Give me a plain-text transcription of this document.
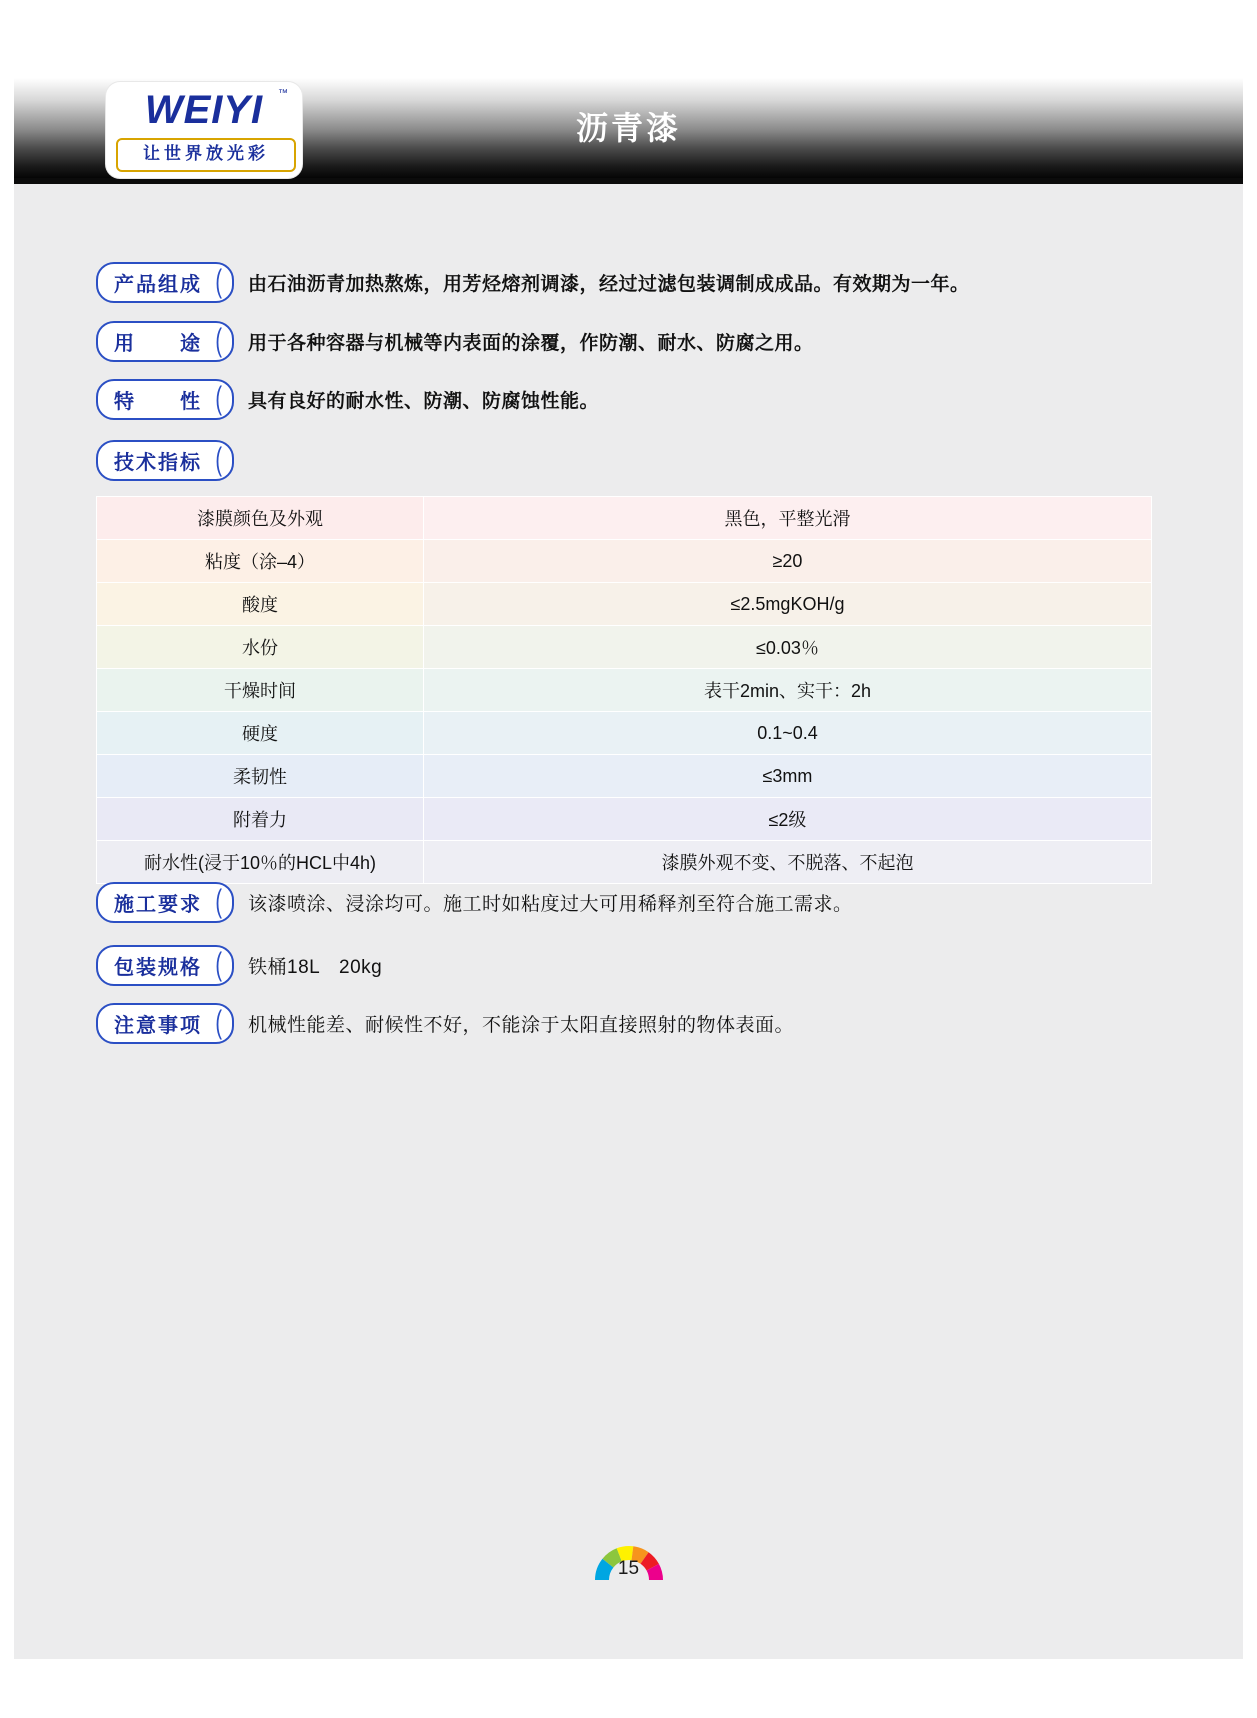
沥青漆
WEIYI	™
让世界放光彩
产品组成 ( 由石油沥青加热熬炼，用芳烃熔剂调漆，经过过滤包装调制成成品。有效期为一年。
用　　途 ( 用于各种容器与机械等内表面的涂覆，作防潮、耐水、防腐之用。
特　　性 ( 具有良好的耐水性、防潮、防腐蚀性能。
技术指标 (
漆膜颜色及外观	黑色，平整光滑
粘度（涂–4）	≥20
酸度	≤2.5mgKOH/g
水份	≤0.03％
干燥时间	表干2min、实干：2h
硬度	0.1~0.4
柔韧性	≤3mm
附着力	≤2级
耐水性(浸于10％的HCL中4h)	漆膜外观不变、不脱落、不起泡
施工要求 ( 该漆喷涂、浸涂均可。施工时如粘度过大可用稀释剂至符合施工需求。
包装规格 ( 铁桶18L　20kg
注意事项 ( 机械性能差、耐候性不好，不能涂于太阳直接照射的物体表面。
15
